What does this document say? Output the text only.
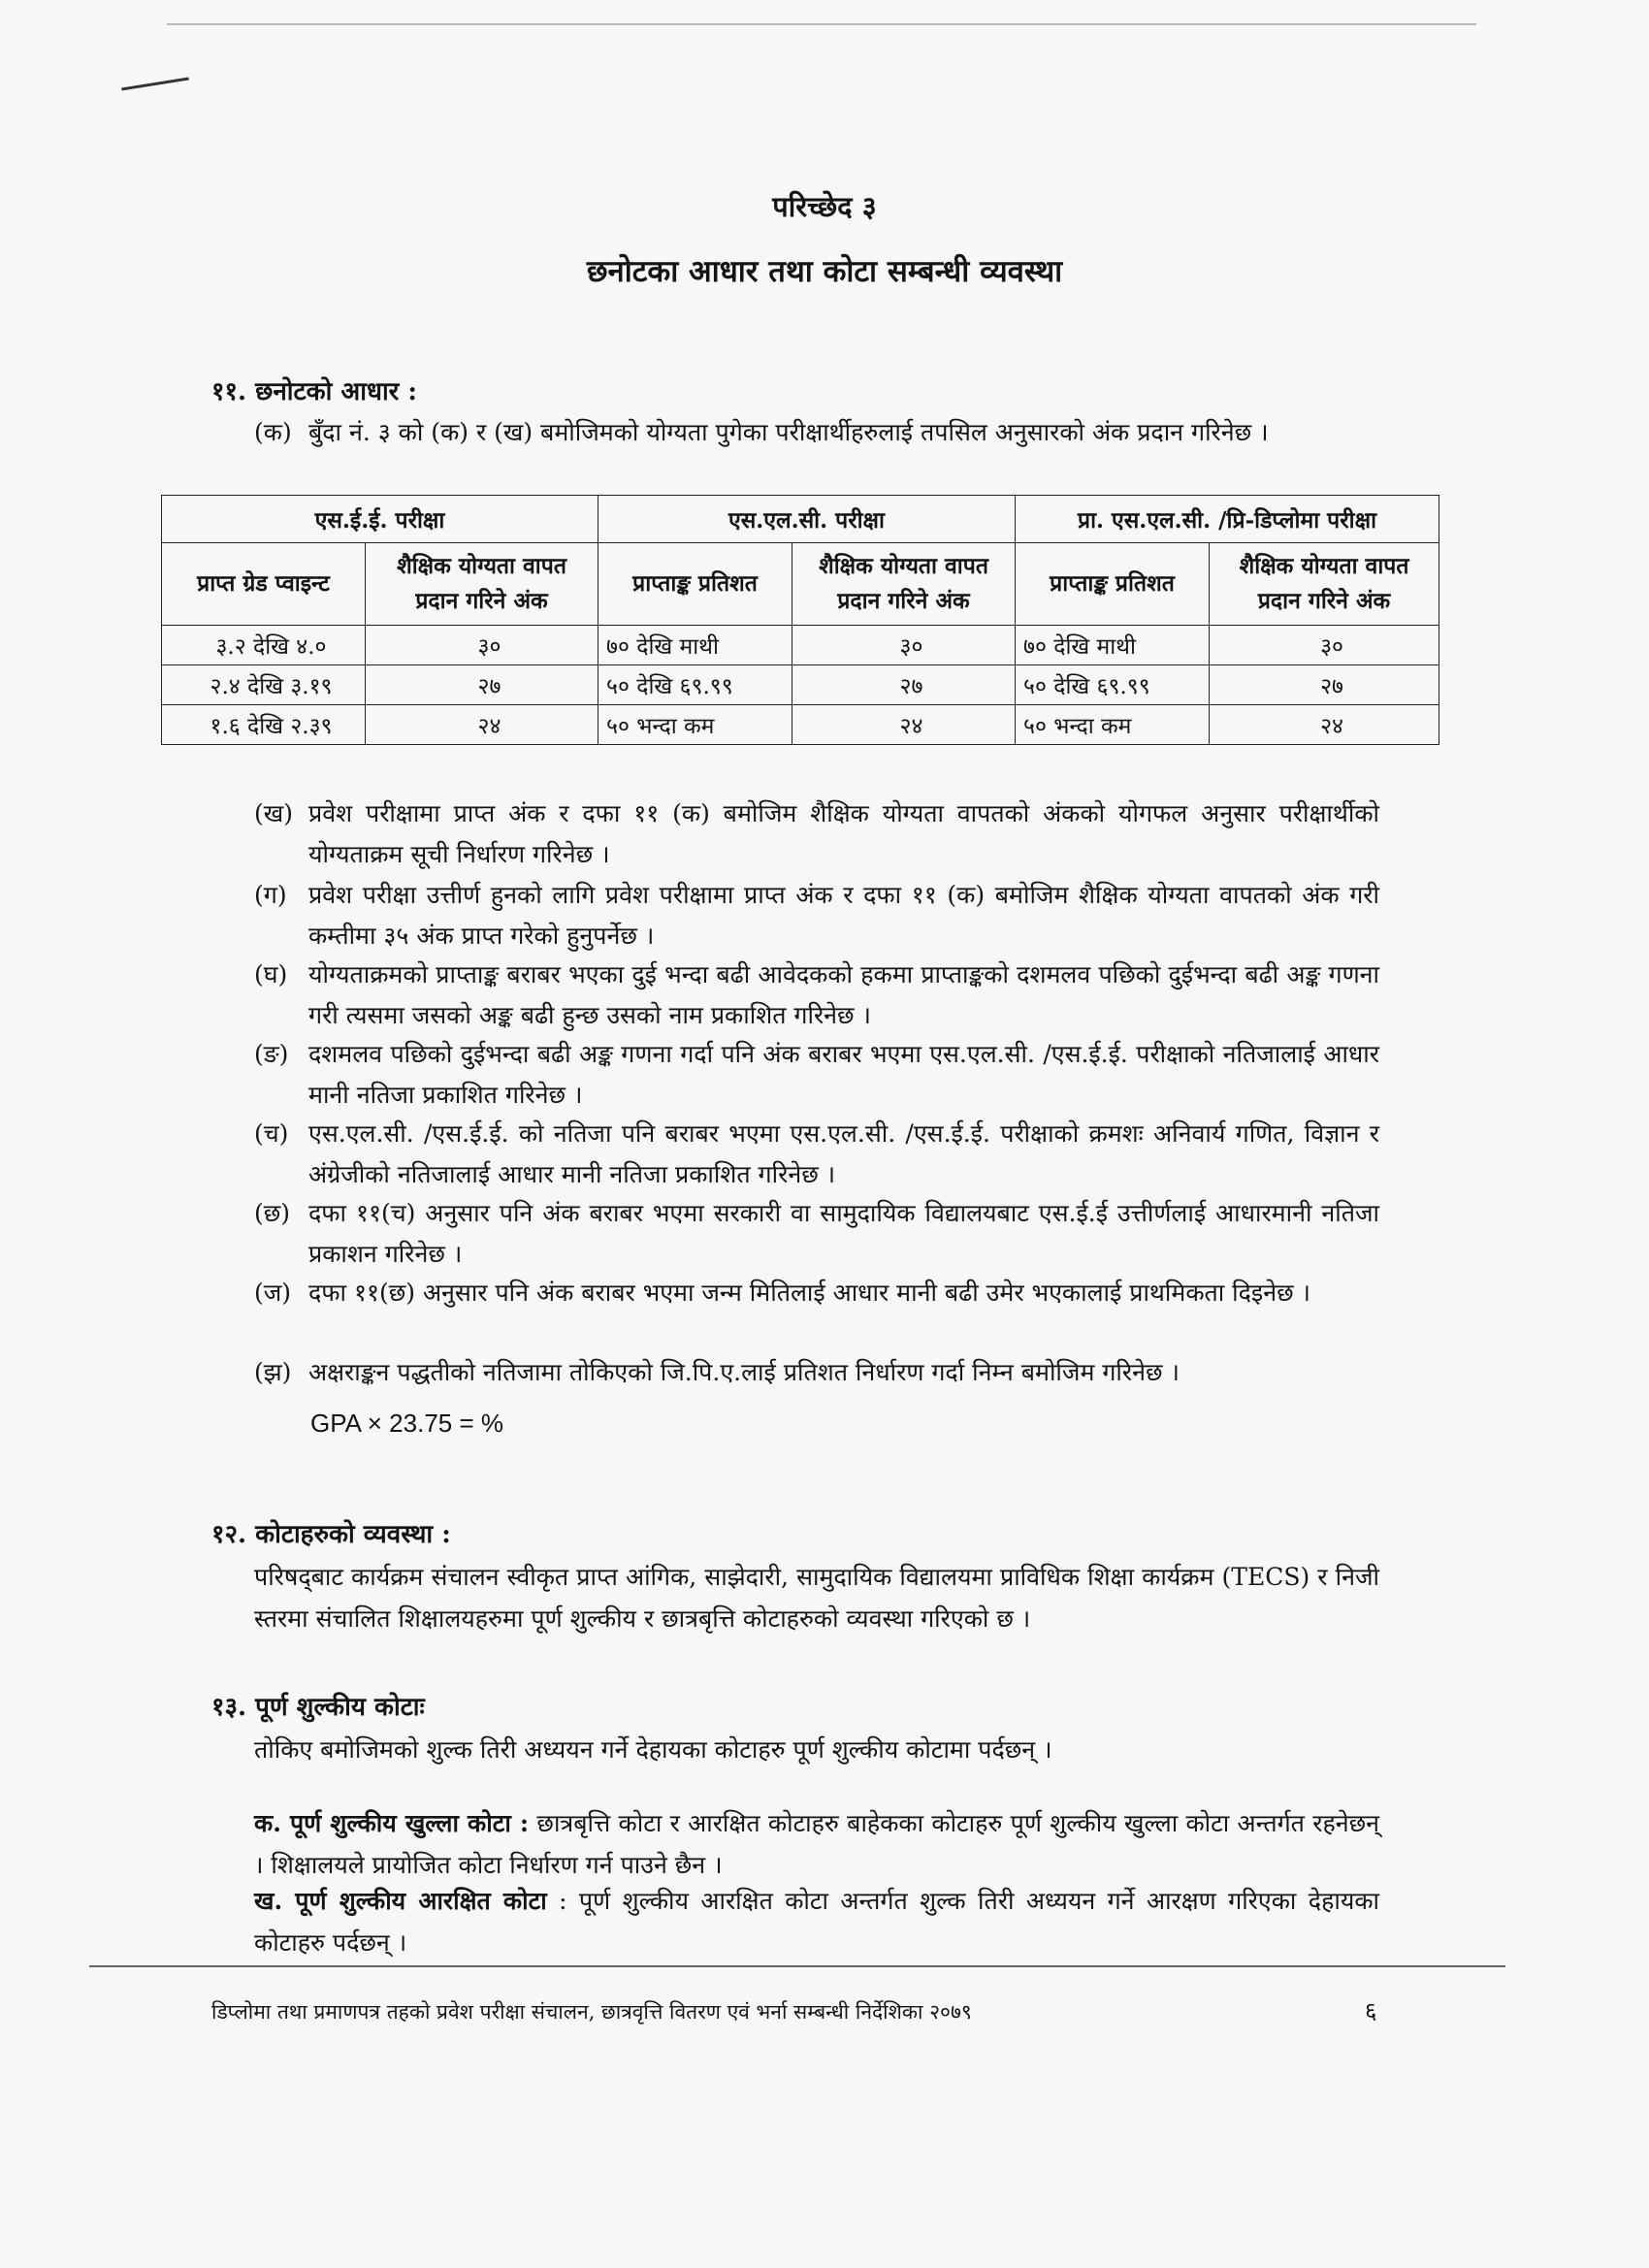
परिच्छेद ३
छनोटका आधार तथा कोटा सम्बन्धी व्यवस्था
११. छनोटको आधार :
(क) बुँदा नं. ३ को (क) र (ख) बमोजिमको योग्यता पुगेका परीक्षार्थीहरुलाई तपसिल अनुसारको अंक प्रदान गरिनेछ ।
एस.ई.ई. परीक्षा		एस.एल.सी. परीक्षा		प्रा. एस.एल.सी. /प्रि-डिप्लोमा परीक्षा	
प्राप्त ग्रेड प्वाइन्ट	शैक्षिक योग्यता वापत प्रदान गरिने अंक	प्राप्ताङ्क प्रतिशत	शैक्षिक योग्यता वापत प्रदान गरिने अंक	प्राप्ताङ्क प्रतिशत	शैक्षिक योग्यता वापत प्रदान गरिने अंक
३.२ देखि ४.०	३०	७० देखि माथी	३०	७० देखि माथी	३०
२.४ देखि ३.१९	२७	५० देखि ६९.९९	२७	५० देखि ६९.९९	२७
१.६ देखि २.३९	२४	५० भन्दा कम	२४	५० भन्दा कम	२४
(ख) प्रवेश परीक्षामा प्राप्त अंक र दफा ११ (क) बमोजिम शैक्षिक योग्यता वापतको अंकको योगफल अनुसार परीक्षार्थीको योग्यताक्रम सूची निर्धारण गरिनेछ ।
(ग) प्रवेश परीक्षा उत्तीर्ण हुनको लागि प्रवेश परीक्षामा प्राप्त अंक र दफा ११ (क) बमोजिम शैक्षिक योग्यता वापतको अंक गरी कम्तीमा ३५ अंक प्राप्त गरेको हुनुपर्नेछ ।
(घ) योग्यताक्रमको प्राप्ताङ्क बराबर भएका दुई भन्दा बढी आवेदकको हकमा प्राप्ताङ्कको दशमलव पछिको दुईभन्दा बढी अङ्क गणना गरी त्यसमा जसको अङ्क बढी हुन्छ उसको नाम प्रकाशित गरिनेछ ।
(ङ) दशमलव पछिको दुईभन्दा बढी अङ्क गणना गर्दा पनि अंक बराबर भएमा एस.एल.सी. /एस.ई.ई. परीक्षाको नतिजालाई आधार मानी नतिजा प्रकाशित गरिनेछ ।
(च) एस.एल.सी. /एस.ई.ई. को नतिजा पनि बराबर भएमा एस.एल.सी. /एस.ई.ई. परीक्षाको क्रमशः अनिवार्य गणित, विज्ञान र अंग्रेजीको नतिजालाई आधार मानी नतिजा प्रकाशित गरिनेछ ।
(छ) दफा ११(च) अनुसार पनि अंक बराबर भएमा सरकारी वा सामुदायिक विद्यालयबाट एस.ई.ई उत्तीर्णलाई आधारमानी नतिजा प्रकाशन गरिनेछ ।
(ज) दफा ११(छ) अनुसार पनि अंक बराबर भएमा जन्म मितिलाई आधार मानी बढी उमेर भएकालाई प्राथमिकता दिइनेछ ।
(झ) अक्षराङ्कन पद्धतीको नतिजामा तोकिएको जि.पि.ए.लाई प्रतिशत निर्धारण गर्दा निम्न बमोजिम गरिनेछ ।
GPA × 23.75 = %
१२. कोटाहरुको व्यवस्था :
परिषद्‌बाट कार्यक्रम संचालन स्वीकृत प्राप्त आंगिक, साझेदारी, सामुदायिक विद्यालयमा प्राविधिक शिक्षा कार्यक्रम (TECS) र निजी स्तरमा संचालित शिक्षालयहरुमा पूर्ण शुल्कीय र छात्रबृत्ति कोटाहरुको व्यवस्था गरिएको छ ।
१३. पूर्ण शुल्कीय कोटाः
तोकिए बमोजिमको शुल्क तिरी अध्ययन गर्ने देहायका कोटाहरु पूर्ण शुल्कीय कोटामा पर्दछन् ।
क. पूर्ण शुल्कीय खुल्ला कोटा : छात्रबृत्ति कोटा र आरक्षित कोटाहरु बाहेकका कोटाहरु पूर्ण शुल्कीय खुल्ला कोटा अन्तर्गत रहनेछन् । शिक्षालयले प्रायोजित कोटा निर्धारण गर्न पाउने छैन ।
ख. पूर्ण शुल्कीय आरक्षित कोटा : पूर्ण शुल्कीय आरक्षित कोटा अन्तर्गत शुल्क तिरी अध्ययन गर्ने आरक्षण गरिएका देहायका कोटाहरु पर्दछन् ।
डिप्लोमा तथा प्रमाणपत्र तहको प्रवेश परीक्षा संचालन, छात्रवृत्ति वितरण एवं भर्ना सम्बन्धी निर्देशिका २०७९	६
